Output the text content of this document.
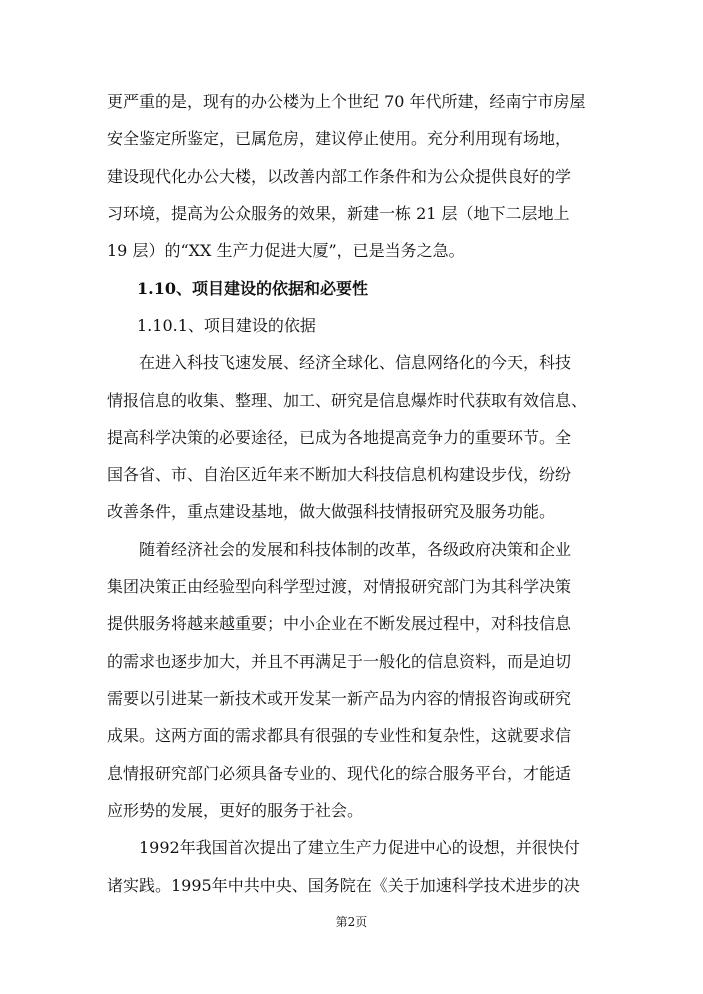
更严重的是，现有的办公楼为上个世纪 70 年代所建，经南宁市房屋
安全鉴定所鉴定，已属危房，建议停止使用。充分利用现有场地，
建设现代化办公大楼，以改善内部工作条件和为公众提供良好的学
习环境，提高为公众服务的效果，新建一栋 21 层（地下二层地上
19 层）的“XX 生产力促进大厦”，已是当务之急。
1.10、项目建设的依据和必要性
1.10.1、项目建设的依据
在进入科技飞速发展、经济全球化、信息网络化的今天，科技
情报信息的收集、整理、加工、研究是信息爆炸时代获取有效信息、
提高科学决策的必要途径，已成为各地提高竞争力的重要环节。全
国各省、市、自治区近年来不断加大科技信息机构建设步伐，纷纷
改善条件，重点建设基地，做大做强科技情报研究及服务功能。
随着经济社会的发展和科技体制的改革，各级政府决策和企业
集团决策正由经验型向科学型过渡，对情报研究部门为其科学决策
提供服务将越来越重要；中小企业在不断发展过程中，对科技信息
的需求也逐步加大，并且不再满足于一般化的信息资料，而是迫切
需要以引进某一新技术或开发某一新产品为内容的情报咨询或研究
成果。这两方面的需求都具有很强的专业性和复杂性，这就要求信
息情报研究部门必须具备专业的、现代化的综合服务平台，才能适
应形势的发展，更好的服务于社会。
1992年我国首次提出了建立生产力促进中心的设想，并很快付
诸实践。1995年中共中央、国务院在《关于加速科学技术进步的决
第2页
